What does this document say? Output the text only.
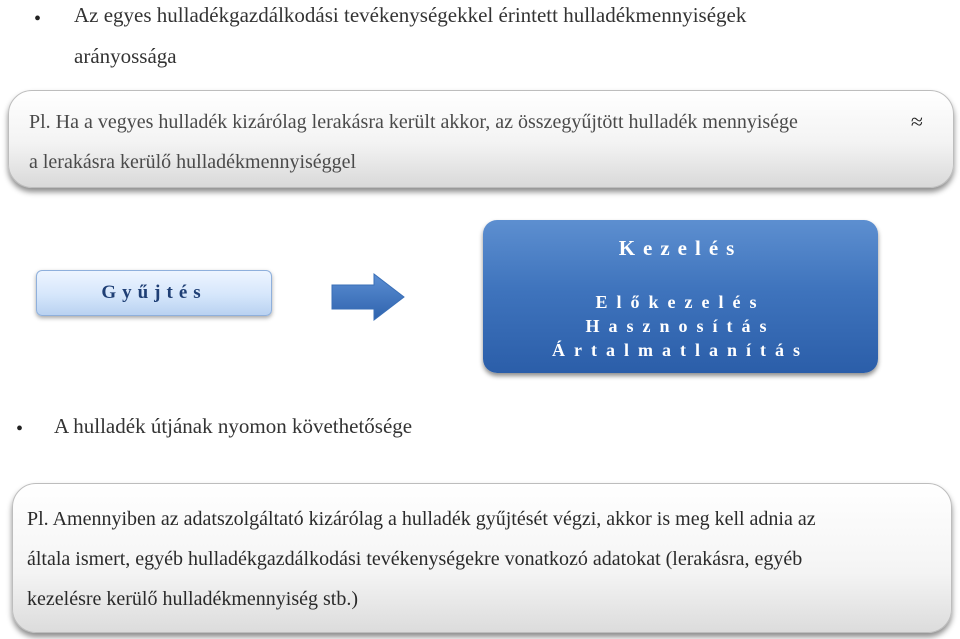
• Az egyes hulladékgazdálkodási tevékenységekkel érintett hulladékmennyiségek
arányossága
Pl. Ha a vegyes hulladék kizárólag lerakásra került akkor, az összegyűjtött hulladék mennyisége	≈
a lerakásra kerülő hulladékmennyiséggel
Gyűjtés
Kezelés
Előkezelés
Hasznosítás
Ártalmatlanítás
• A hulladék útjának nyomon követhetősége
Pl. Amennyiben az adatszolgáltató kizárólag a hulladék gyűjtését végzi, akkor is meg kell adnia az
általa ismert, egyéb hulladékgazdálkodási tevékenységekre vonatkozó adatokat (lerakásra, egyéb
kezelésre kerülő hulladékmennyiség stb.)
